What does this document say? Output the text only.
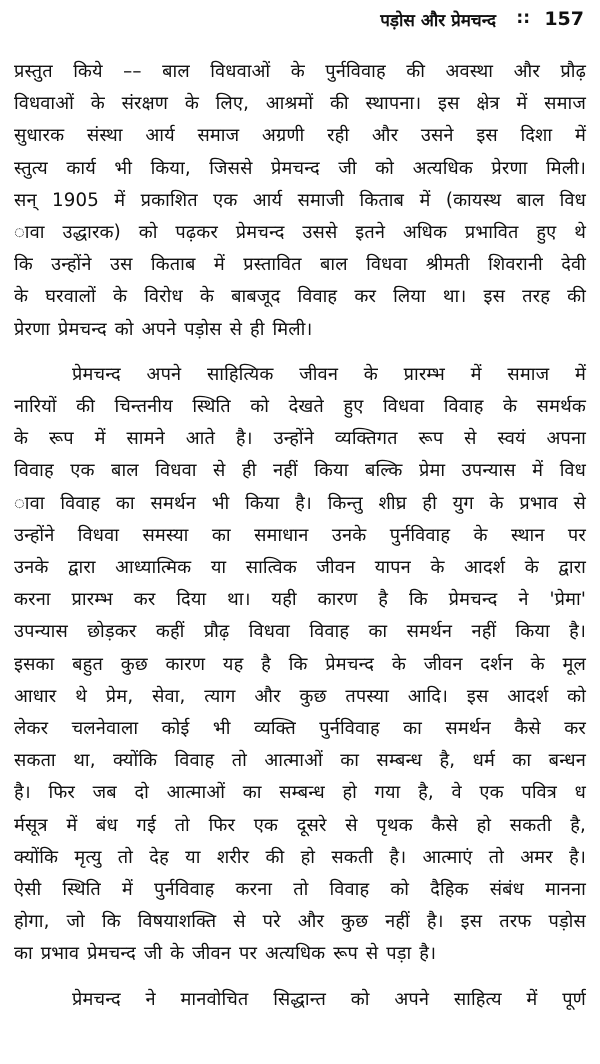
पड़ोस और प्रेमचन्द :: 157

प्रस्तुत किये –– बाल विधवाओं के पुर्नविवाह की अवस्था और प्रौढ़
विधवाओं के संरक्षण के लिए, आश्रमों की स्थापना। इस क्षेत्र में समाज
सुधारक संस्था आर्य समाज अग्रणी रही और उसने इस दिशा में
स्तुत्य कार्य भी किया, जिससे प्रेमचन्द जी को अत्यधिक प्रेरणा मिली।
सन् 1905 में प्रकाशित एक आर्य समाजी किताब में (कायस्थ बाल विध
ावा उद्धारक) को पढ़कर प्रेमचन्द उससे इतने अधिक प्रभावित हुए थे
कि उन्होंने उस किताब में प्रस्तावित बाल विधवा श्रीमती शिवरानी देवी
के घरवालों के विरोध के बाबजूद विवाह कर लिया था। इस तरह की
प्रेरणा प्रेमचन्द को अपने पड़ोस से ही मिली।

प्रेमचन्द अपने साहित्यिक जीवन के प्रारम्भ में समाज में
नारियों की चिन्तनीय स्थिति को देखते हुए विधवा विवाह के समर्थक
के रूप में सामने आते है। उन्होंने व्यक्तिगत रूप से स्वयं अपना
विवाह एक बाल विधवा से ही नहीं किया बल्कि प्रेमा उपन्यास में विध
ावा विवाह का समर्थन भी किया है। किन्तु शीघ्र ही युग के प्रभाव से
उन्होंने विधवा समस्या का समाधान उनके पुर्नविवाह के स्थान पर
उनके द्वारा आध्यात्मिक या सात्विक जीवन यापन के आदर्श के द्वारा
करना प्रारम्भ कर दिया था। यही कारण है कि प्रेमचन्द ने 'प्रेमा'
उपन्यास छोड़कर कहीं प्रौढ़ विधवा विवाह का समर्थन नहीं किया है।
इसका बहुत कुछ कारण यह है कि प्रेमचन्द के जीवन दर्शन के मूल
आधार थे प्रेम, सेवा, त्याग और कुछ तपस्या आदि। इस आदर्श को
लेकर चलनेवाला कोई भी व्यक्ति पुर्नविवाह का समर्थन कैसे कर
सकता था, क्योंकि विवाह तो आत्माओं का सम्बन्ध है, धर्म का बन्धन
है। फिर जब दो आत्माओं का सम्बन्ध हो गया है, वे एक पवित्र ध
र्मसूत्र में बंध गई तो फिर एक दूसरे से पृथक कैसे हो सकती है,
क्योंकि मृत्यु तो देह या शरीर की हो सकती है। आत्माएं तो अमर है।
ऐसी स्थिति में पुर्नविवाह करना तो विवाह को दैहिक संबंध मानना
होगा, जो कि विषयाशक्ति से परे और कुछ नहीं है। इस तरफ पड़ोस
का प्रभाव प्रेमचन्द जी के जीवन पर अत्यधिक रूप से पड़ा है।

प्रेमचन्द ने मानवोचित सिद्धान्त को अपने साहित्य में पूर्ण
